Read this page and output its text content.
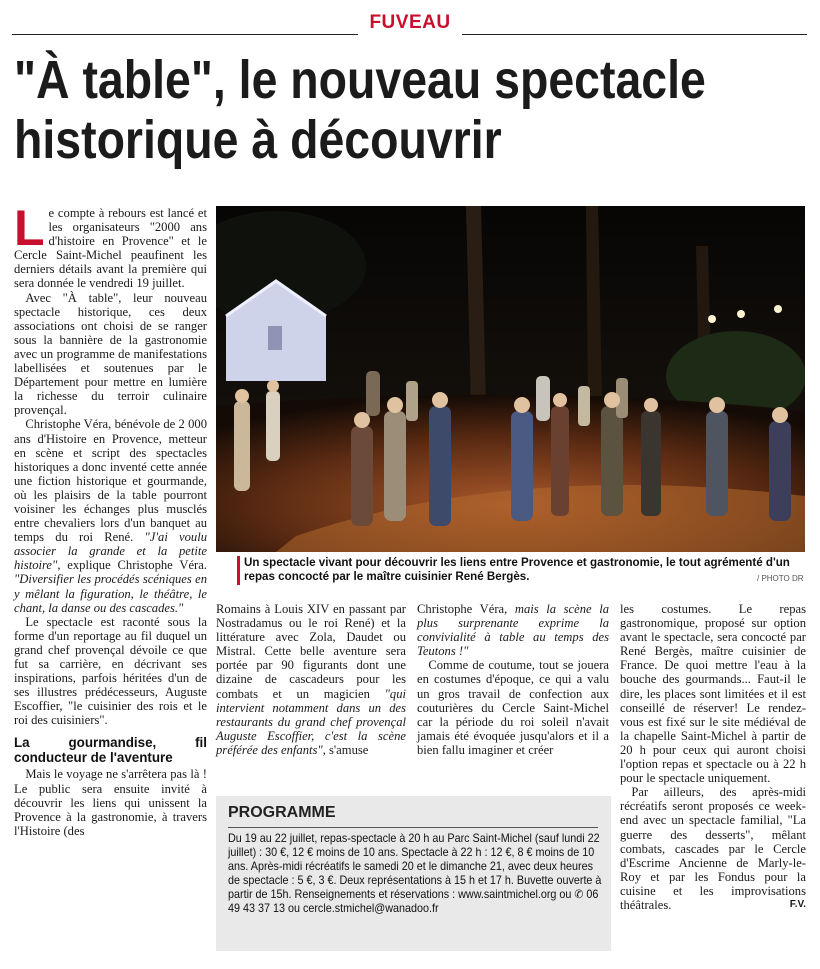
FUVEAU
"À table", le nouveau spectacle
historique à découvrir

Le compte à rebours est lancé et les organisateurs "2000 ans d'histoire en Provence" et le Cercle Saint-Michel peaufinent les derniers détails avant la première qui sera donnée le vendredi 19 juillet.

Avec "À table", leur nouveau spectacle historique, ces deux associations ont choisi de se ranger sous la bannière de la gastronomie avec un programme de manifestations labellisées et soutenues par le Département pour mettre en lumière la richesse du terroir culinaire provençal.

Christophe Véra, bénévole de 2 000 ans d'Histoire en Provence, metteur en scène et script des spectacles historiques a donc inventé cette année une fiction historique et gourmande, où les plaisirs de la table pourront voisiner les échanges plus musclés entre chevaliers lors d'un banquet au temps du roi René. "J'ai voulu associer la grande et la petite histoire", explique Christophe Véra. "Diversifier les procédés scéniques en y mêlant la figuration, le théâtre, le chant, la danse ou des cascades."

Le spectacle est raconté sous la forme d'un reportage au fil duquel un grand chef provençal dévoile ce que fut sa carrière, en décrivant ses inspirations, parfois héritées d'un de ses illustres prédécesseurs, Auguste Escoffier, "le cuisinier des rois et le roi des cuisiniers".

La gourmandise, fil conducteur de l'aventure

Mais le voyage ne s'arrêtera pas là ! Le public sera ensuite invité à découvrir les liens qui unissent la Provence à la gastronomie, à travers l'Histoire (des

Un spectacle vivant pour découvrir les liens entre Provence et gastronomie, le tout agrémenté d'un repas concocté par le maître cuisinier René Bergès.	/ PHOTO DR

Romains à Louis XIV en passant par Nostradamus ou le roi René) et la littérature avec Zola, Daudet ou Mistral. Cette belle aventure sera portée par 90 figurants dont une dizaine de cascadeurs pour les combats et un magicien "qui intervient notamment dans un des restaurants du grand chef provençal Auguste Escoffier, c'est la scène préférée des enfants", s'amuse

Christophe Véra, mais la scène la plus surprenante exprime la convivialité à table au temps des Teutons !"

Comme de coutume, tout se jouera en costumes d'époque, ce qui a valu un gros travail de confection aux couturières du Cercle Saint-Michel car la période du roi soleil n'avait jamais été évoquée jusqu'alors et il a bien fallu imaginer et créer

PROGRAMME
Du 19 au 22 juillet, repas-spectacle à 20 h au Parc Saint-Michel (sauf lundi 22 juillet) : 30 €, 12 € moins de 10 ans. Spectacle à 22 h : 12 €, 8 € moins de 10 ans. Après-midi récréatifs le samedi 20 et le dimanche 21, avec deux heures de spectacle : 5 €, 3 €. Deux représentations à 15 h et 17 h. Buvette ouverte à partir de 15h. Renseignements et réservations : www.saintmichel.org ou ✆ 06 49 43 37 13 ou cercle.stmichel@wanadoo.fr

les costumes. Le repas gastronomique, proposé sur option avant le spectacle, sera concocté par René Bergès, maître cuisinier de France. De quoi mettre l'eau à la bouche des gourmands... Faut-il le dire, les places sont limitées et il est conseillé de réserver! Le rendez-vous est fixé sur le site médiéval de la chapelle Saint-Michel à partir de 20 h pour ceux qui auront choisi l'option repas et spectacle ou à 22 h pour le spectacle uniquement.

Par ailleurs, des après-midi récréatifs seront proposés ce week-end avec un spectacle familial, "La guerre des desserts", mêlant combats, cascades par le Cercle d'Escrime Ancienne de Marly-le-Roy et par les Fondus pour la cuisine et les improvisations théâtrales.	F.V.
